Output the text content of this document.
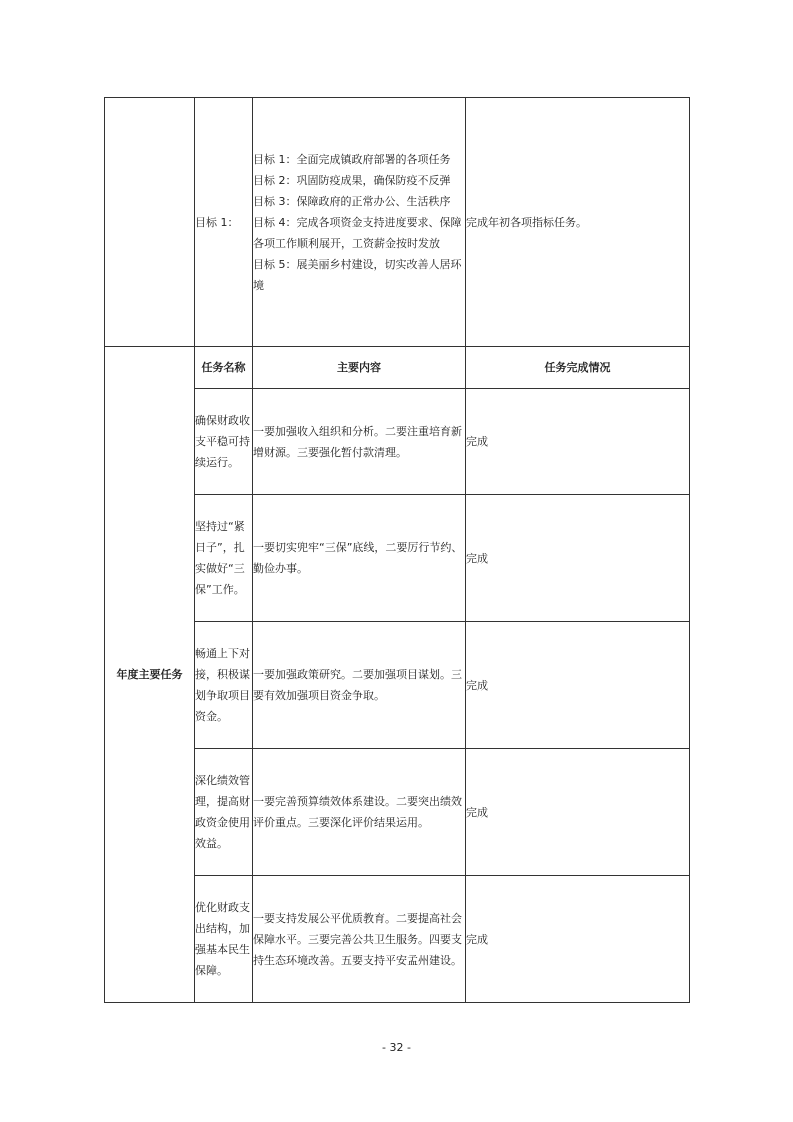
	目标 1：	目标 1：全面完成镇政府部署的各项任务
目标 2：巩固防疫成果，确保防疫不反弹
目标 3：保障政府的正常办公、生活秩序
目标 4：完成各项资金支持进度要求、保障各项工作顺利展开，工资薪金按时发放
目标 5：展美丽乡村建设，切实改善人居环境	完成年初各项指标任务。
年度主要任务	任务名称	主要内容	任务完成情况
	确保财政收支平稳可持续运行。	一要加强收入组织和分析。二要注重培育新增财源。三要强化暂付款清理。	完成
	坚持过“紧日子”，扎实做好“三保”工作。	一要切实兜牢“三保”底线，二要厉行节约、勤俭办事。	完成
	畅通上下对接，积极谋划争取项目资金。	一要加强政策研究。二要加强项目谋划。三要有效加强项目资金争取。	完成
	深化绩效管理，提高财政资金使用效益。	一要完善预算绩效体系建设。二要突出绩效评价重点。三要深化评价结果运用。	完成
	优化财政支出结构，加强基本民生保障。	一要支持发展公平优质教育。二要提高社会保障水平。三要完善公共卫生服务。四要支持生态环境改善。五要支持平安孟州建设。	完成
- 32 -
